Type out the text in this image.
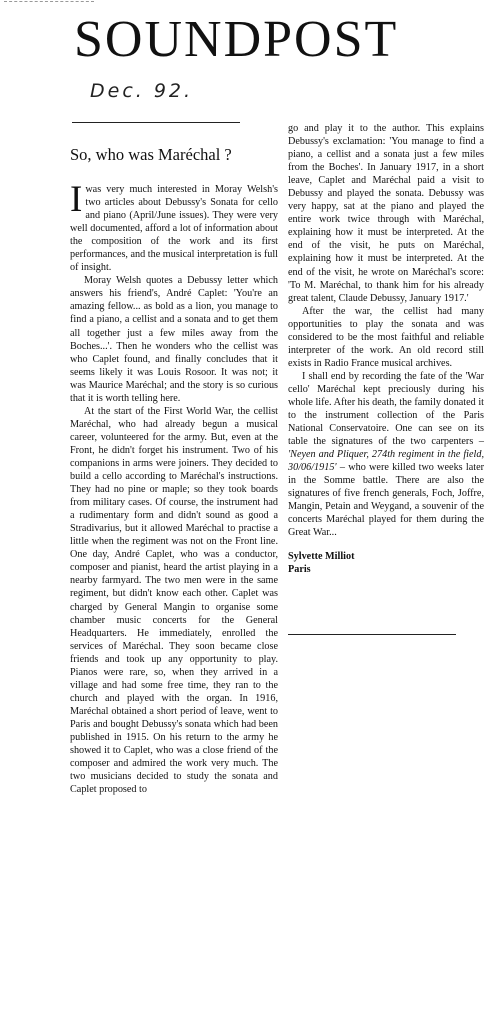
SOUNDPOST
Dec. 92.
So, who was Maréchal ?

Iwas very much interested in Moray Welsh's two articles about Debussy's Sonata for cello and piano (April/June issues). They were very well documented, afford a lot of information about the composition of the work and its first performances, and the musical interpretation is full of insight.

Moray Welsh quotes a Debussy letter which answers his friend's, André Caplet: 'You're an amazing fellow... as bold as a lion, you manage to find a piano, a cellist and a sonata and to get them all together just a few miles away from the Boches...'. Then he wonders who the cellist was who Caplet found, and finally concludes that it seems likely it was Louis Rosoor. It was not; it was Maurice Maréchal; and the story is so curious that it is worth telling here.

At the start of the First World War, the cellist Maréchal, who had already begun a musical career, volunteered for the army. But, even at the Front, he didn't forget his instrument. Two of his companions in arms were joiners. They decided to build a cello according to Maréchal's instructions. They had no pine or maple; so they took boards from military cases. Of course, the instrument had a rudimentary form and didn't sound as good a Stradivarius, but it allowed Maréchal to practise a little when the regiment was not on the Front line. One day, André Caplet, who was a conductor, composer and pianist, heard the artist playing in a nearby farmyard. The two men were in the same regiment, but didn't know each other. Caplet was charged by General Mangin to organise some chamber music concerts for the General Headquarters. He immediately, enrolled the services of Maréchal. They soon became close friends and took up any opportunity to play. Pianos were rare, so, when they arrived in a village and had some free time, they ran to the church and played with the organ. In 1916, Maréchal obtained a short period of leave, went to Paris and bought Debussy's sonata which had been published in 1915. On his return to the army he showed it to Caplet, who was a close friend of the composer and admired the work very much. The two musicians decided to study the sonata and Caplet proposed to

go and play it to the author. This explains Debussy's exclamation: 'You manage to find a piano, a cellist and a sonata just a few miles from the Boches'. In January 1917, in a short leave, Caplet and Maréchal paid a visit to Debussy and played the sonata. Debussy was very happy, sat at the piano and played the entire work twice through with Maréchal, explaining how it must be interpreted. At the end of the visit, he puts on Maréchal, explaining how it must be interpreted. At the end of the visit, he wrote on Maréchal's score: 'To M. Maréchal, to thank him for his already great talent, Claude Debussy, January 1917.'

After the war, the cellist had many opportunities to play the sonata and was considered to be the most faithful and reliable interpreter of the work. An old record still exists in Radio France musical archives.

I shall end by recording the fate of the 'War cello' Maréchal kept preciously during his whole life. After his death, the family donated it to the instrument collection of the Paris National Conservatoire. One can see on its table the signatures of the two carpenters – 'Neyen and Pliquer, 274th regiment in the field, 30/06/1915' – who were killed two weeks later in the Somme battle. There are also the signatures of five french generals, Foch, Joffre, Mangin, Petain and Weygand, a souvenir of the concerts Maréchal played for them during the Great War...

Sylvette Milliot
Paris
